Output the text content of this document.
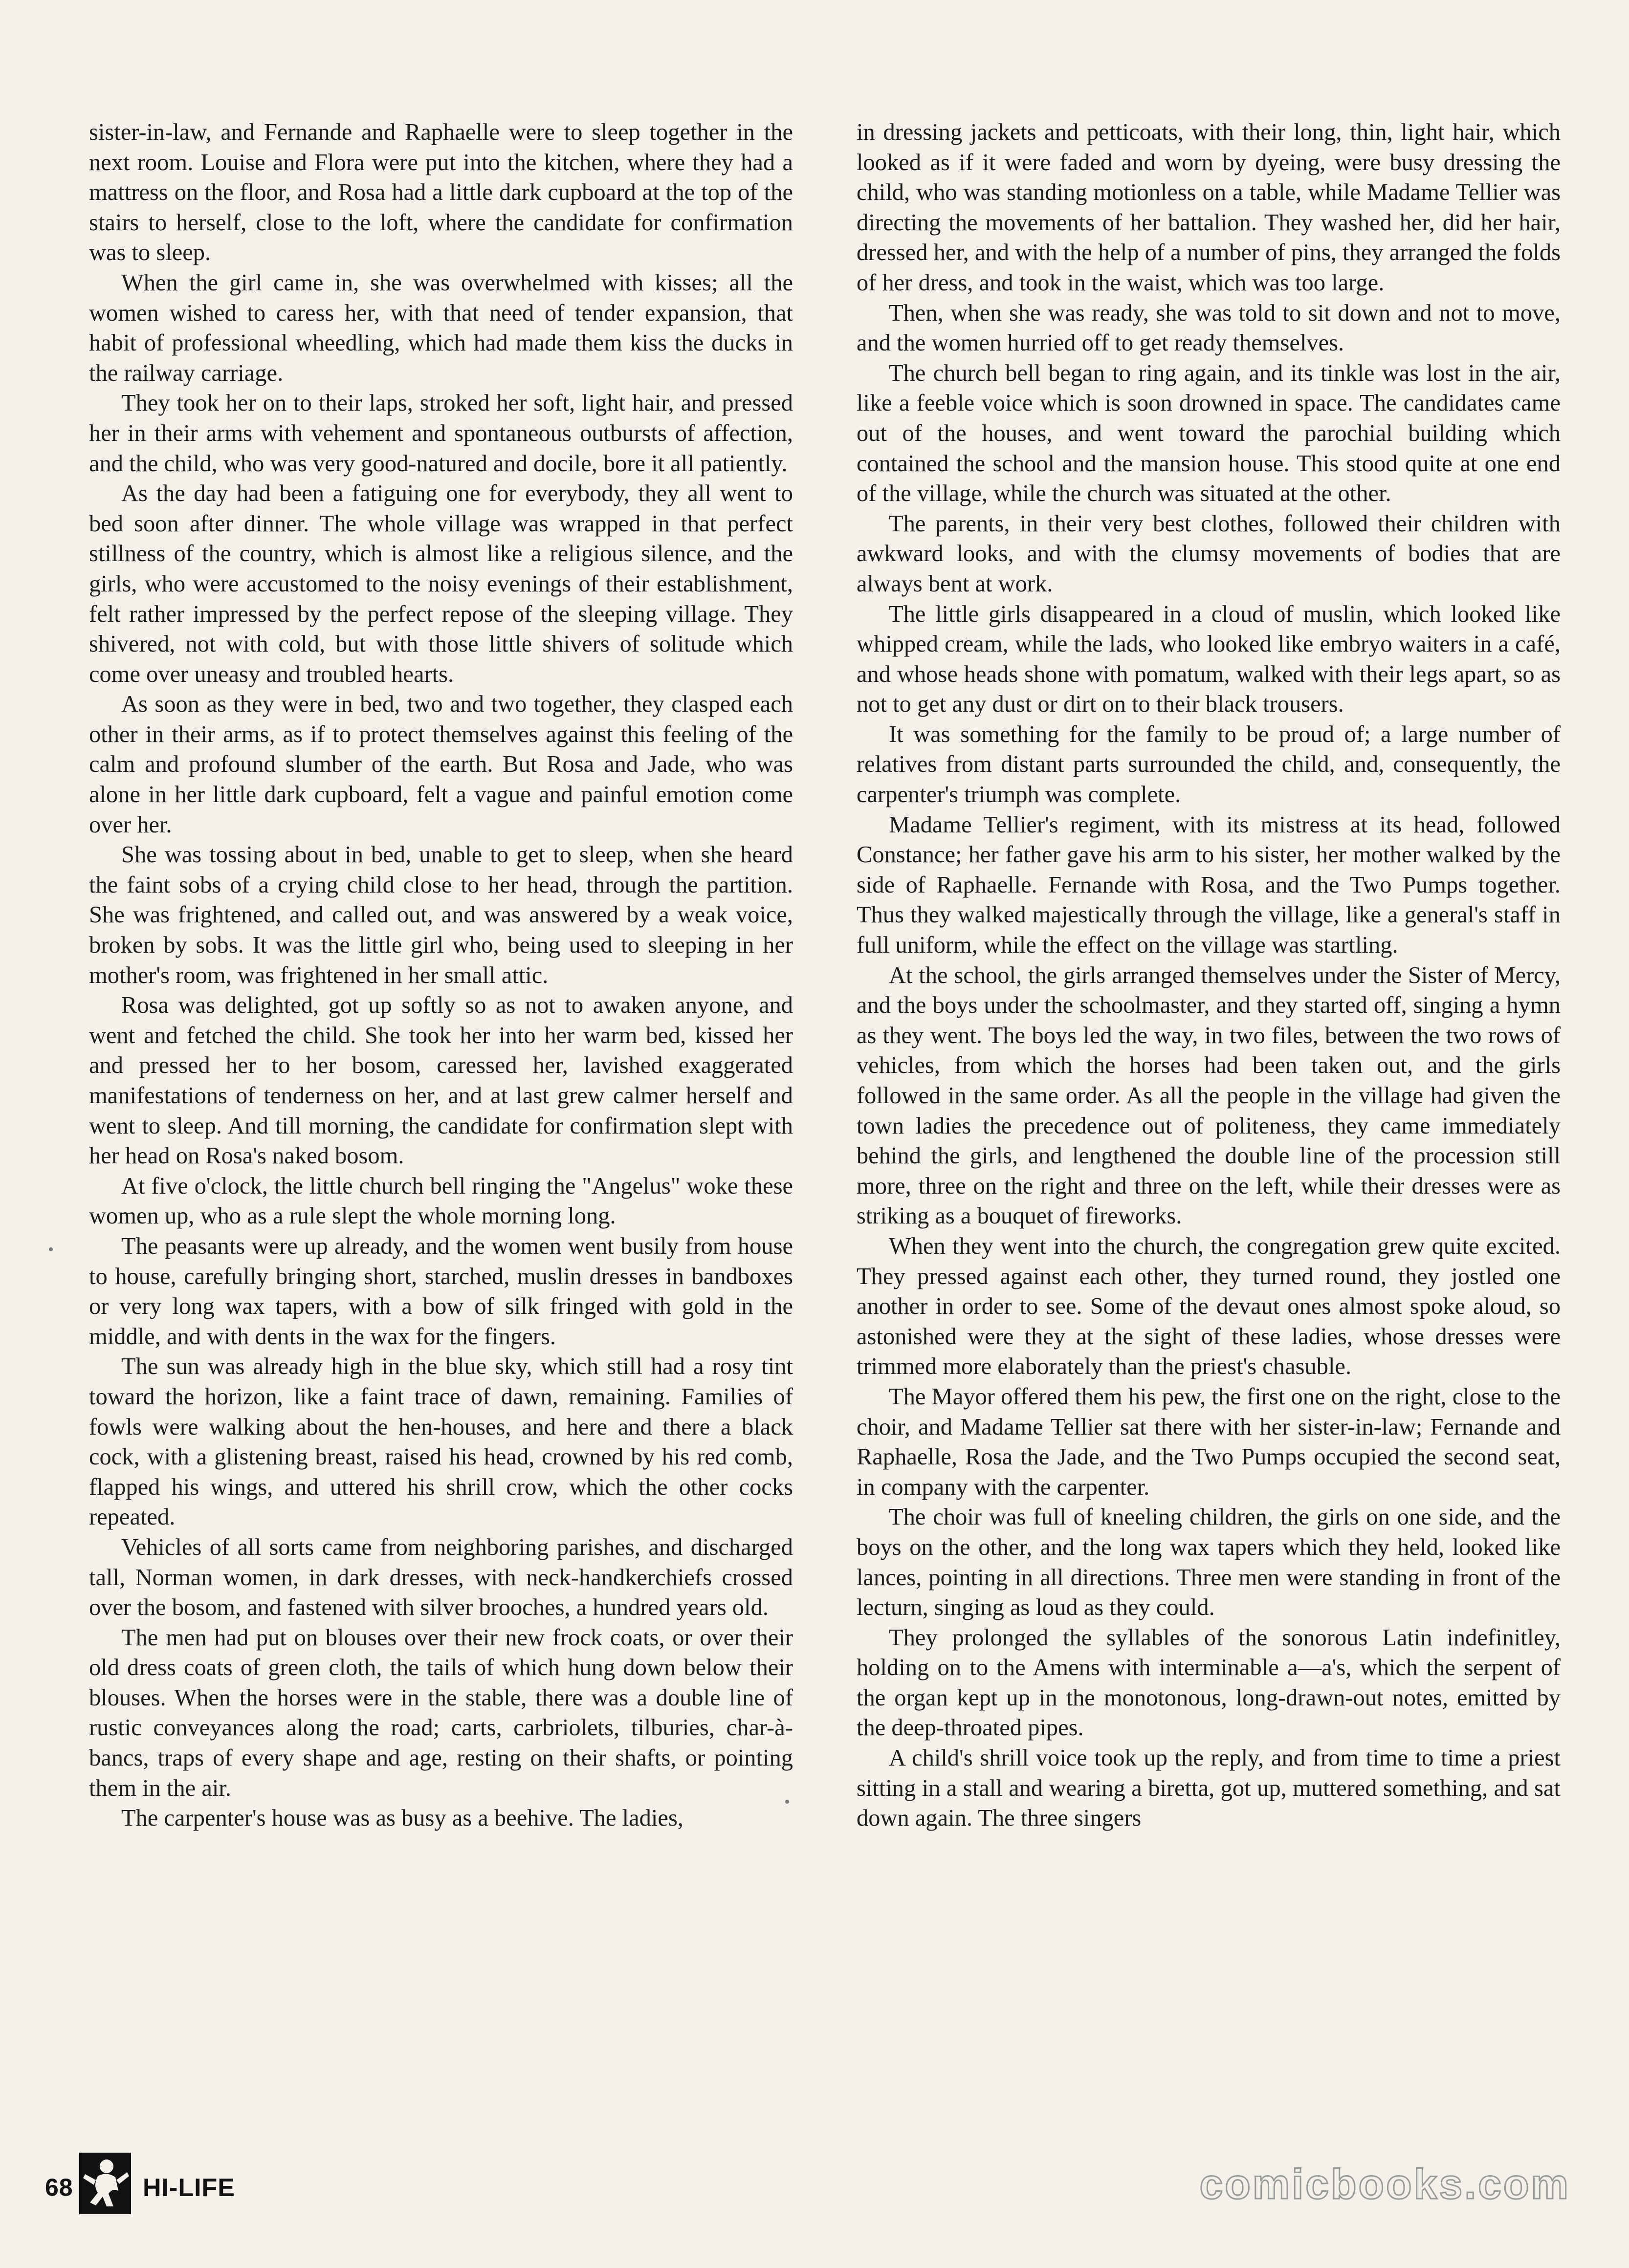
sister-in-law, and Fernande and Raphaelle were to sleep together in the next room. Louise and Flora were put into the kitchen, where they had a mattress on the floor, and Rosa had a little dark cupboard at the top of the stairs to herself, close to the loft, where the candidate for confirmation was to sleep.

When the girl came in, she was overwhelmed with kisses; all the women wished to caress her, with that need of tender expansion, that habit of professional wheedling, which had made them kiss the ducks in the railway carriage.

They took her on to their laps, stroked her soft, light hair, and pressed her in their arms with vehement and spontaneous outbursts of affection, and the child, who was very good-natured and docile, bore it all patiently.

As the day had been a fatiguing one for everybody, they all went to bed soon after dinner. The whole village was wrapped in that perfect stillness of the country, which is almost like a religious silence, and the girls, who were accustomed to the noisy evenings of their establishment, felt rather impressed by the perfect repose of the sleeping village. They shivered, not with cold, but with those little shivers of solitude which come over uneasy and troubled hearts.

As soon as they were in bed, two and two together, they clasped each other in their arms, as if to protect themselves against this feeling of the calm and profound slumber of the earth. But Rosa and Jade, who was alone in her little dark cupboard, felt a vague and painful emotion come over her.

She was tossing about in bed, unable to get to sleep, when she heard the faint sobs of a crying child close to her head, through the partition. She was frightened, and called out, and was answered by a weak voice, broken by sobs. It was the little girl who, being used to sleeping in her mother's room, was frightened in her small attic.

Rosa was delighted, got up softly so as not to awaken anyone, and went and fetched the child. She took her into her warm bed, kissed her and pressed her to her bosom, caressed her, lavished exaggerated manifestations of tenderness on her, and at last grew calmer herself and went to sleep. And till morning, the candidate for confirmation slept with her head on Rosa's naked bosom.

At five o'clock, the little church bell ringing the "Angelus" woke these women up, who as a rule slept the whole morning long.

The peasants were up already, and the women went busily from house to house, carefully bringing short, starched, muslin dresses in bandboxes or very long wax tapers, with a bow of silk fringed with gold in the middle, and with dents in the wax for the fingers.

The sun was already high in the blue sky, which still had a rosy tint toward the horizon, like a faint trace of dawn, remaining. Families of fowls were walking about the hen-houses, and here and there a black cock, with a glistening breast, raised his head, crowned by his red comb, flapped his wings, and uttered his shrill crow, which the other cocks repeated.

Vehicles of all sorts came from neighboring parishes, and discharged tall, Norman women, in dark dresses, with neck-handkerchiefs crossed over the bosom, and fastened with silver brooches, a hundred years old.

The men had put on blouses over their new frock coats, or over their old dress coats of green cloth, the tails of which hung down below their blouses. When the horses were in the stable, there was a double line of rustic conveyances along the road; carts, carbriolets, tilburies, char-à-bancs, traps of every shape and age, resting on their shafts, or pointing them in the air.

The carpenter's house was as busy as a beehive. The ladies,

in dressing jackets and petticoats, with their long, thin, light hair, which looked as if it were faded and worn by dyeing, were busy dressing the child, who was standing motionless on a table, while Madame Tellier was directing the movements of her battalion. They washed her, did her hair, dressed her, and with the help of a number of pins, they arranged the folds of her dress, and took in the waist, which was too large.

Then, when she was ready, she was told to sit down and not to move, and the women hurried off to get ready themselves.

The church bell began to ring again, and its tinkle was lost in the air, like a feeble voice which is soon drowned in space. The candidates came out of the houses, and went toward the parochial building which contained the school and the mansion house. This stood quite at one end of the village, while the church was situated at the other.

The parents, in their very best clothes, followed their children with awkward looks, and with the clumsy movements of bodies that are always bent at work.

The little girls disappeared in a cloud of muslin, which looked like whipped cream, while the lads, who looked like embryo waiters in a café, and whose heads shone with pomatum, walked with their legs apart, so as not to get any dust or dirt on to their black trousers.

It was something for the family to be proud of; a large number of relatives from distant parts surrounded the child, and, consequently, the carpenter's triumph was complete.

Madame Tellier's regiment, with its mistress at its head, followed Constance; her father gave his arm to his sister, her mother walked by the side of Raphaelle. Fernande with Rosa, and the Two Pumps together. Thus they walked majestically through the village, like a general's staff in full uniform, while the effect on the village was startling.

At the school, the girls arranged themselves under the Sister of Mercy, and the boys under the schoolmaster, and they started off, singing a hymn as they went. The boys led the way, in two files, between the two rows of vehicles, from which the horses had been taken out, and the girls followed in the same order. As all the people in the village had given the town ladies the precedence out of politeness, they came immediately behind the girls, and lengthened the double line of the procession still more, three on the right and three on the left, while their dresses were as striking as a bouquet of fireworks.

When they went into the church, the congregation grew quite excited. They pressed against each other, they turned round, they jostled one another in order to see. Some of the devaut ones almost spoke aloud, so astonished were they at the sight of these ladies, whose dresses were trimmed more elaborately than the priest's chasuble.

The Mayor offered them his pew, the first one on the right, close to the choir, and Madame Tellier sat there with her sister-in-law; Fernande and Raphaelle, Rosa the Jade, and the Two Pumps occupied the second seat, in company with the carpenter.

The choir was full of kneeling children, the girls on one side, and the boys on the other, and the long wax tapers which they held, looked like lances, pointing in all directions. Three men were standing in front of the lecturn, singing as loud as they could.

They prolonged the syllables of the sonorous Latin indefinitley, holding on to the Amens with interminable a—a's, which the serpent of the organ kept up in the monotonous, long-drawn-out notes, emitted by the deep-throated pipes.

A child's shrill voice took up the reply, and from time to time a priest sitting in a stall and wearing a biretta, got up, muttered something, and sat down again. The three singers

68	HI-LIFE	comicbooks.com
